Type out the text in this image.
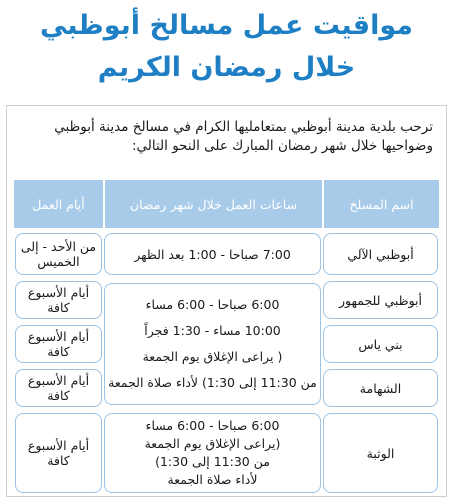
مواقيت عمل مسالخ أبوظبي
خلال رمضان الكريم
ترحب بلدية مدينة أبوظبي بمتعامليها الكرام في مسالخ مدينة أبوظبي وضواحيها خلال شهر رمضان المبارك على النحو التالي:
اسم المسلخ	ساعات العمل خلال شهر رمضان	أيام العمل

أبوظبي الآلي	7:00 صباحا - 1:00 بعد الظهر	من الأحد - إلى الخميس

أبوظبي للجمهور	6:00 صباحا - 6:00 مساء
10:00 مساء - 1:30 فجراً
( يراعى الإغلاق يوم الجمعة
من 11:30 إلى 1:30) لأداء صلاة الجمعة	أيام الأسبوع كافة

بني ياس		أيام الأسبوع كافة

الشهامة		أيام الأسبوع كافة

الوثبة	6:00 صباحا - 6:00 مساء
(يراعى الإغلاق يوم الجمعة
من 11:30 إلى 1:30)
لأداء صلاة الجمعة	أيام الأسبوع كافة
